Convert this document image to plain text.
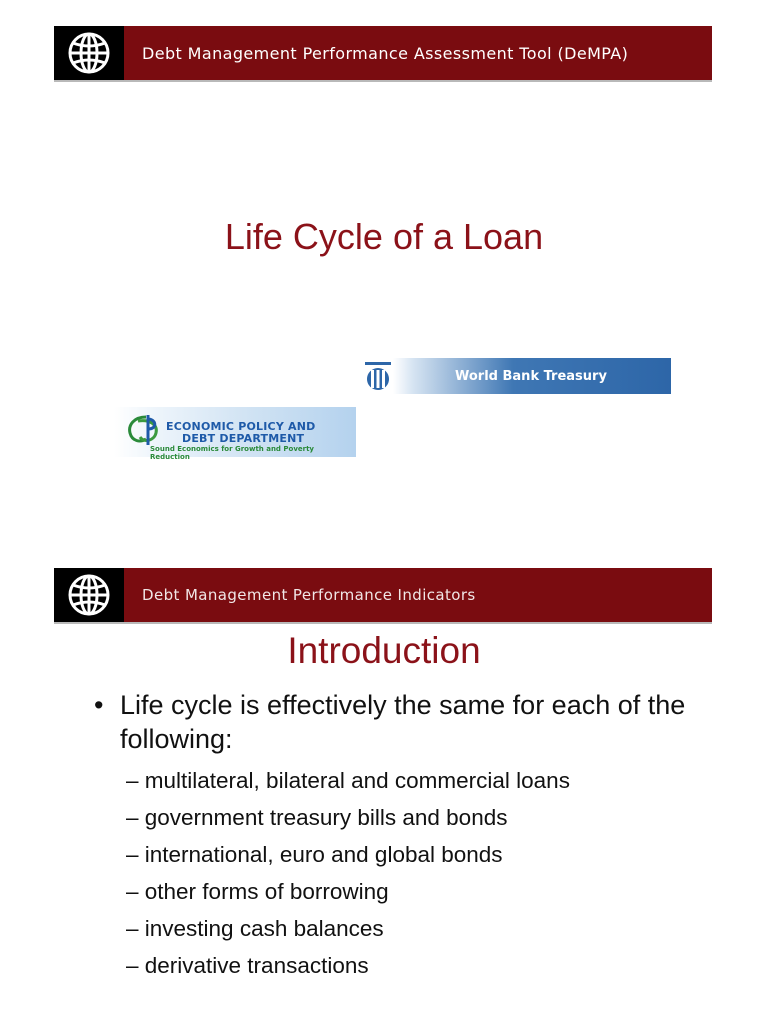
Debt Management Performance Assessment Tool (DeMPA)
Life Cycle of a Loan
World Bank Treasury
ECONOMIC POLICY AND
DEBT DEPARTMENT
Sound Economics for Growth and Poverty Reduction
Debt Management Performance Indicators
Introduction
• Life cycle is effectively the same for each of the following:
– multilateral, bilateral and commercial loans
– government treasury bills and bonds
– international, euro and global bonds
– other forms of borrowing
– investing cash balances
– derivative transactions
